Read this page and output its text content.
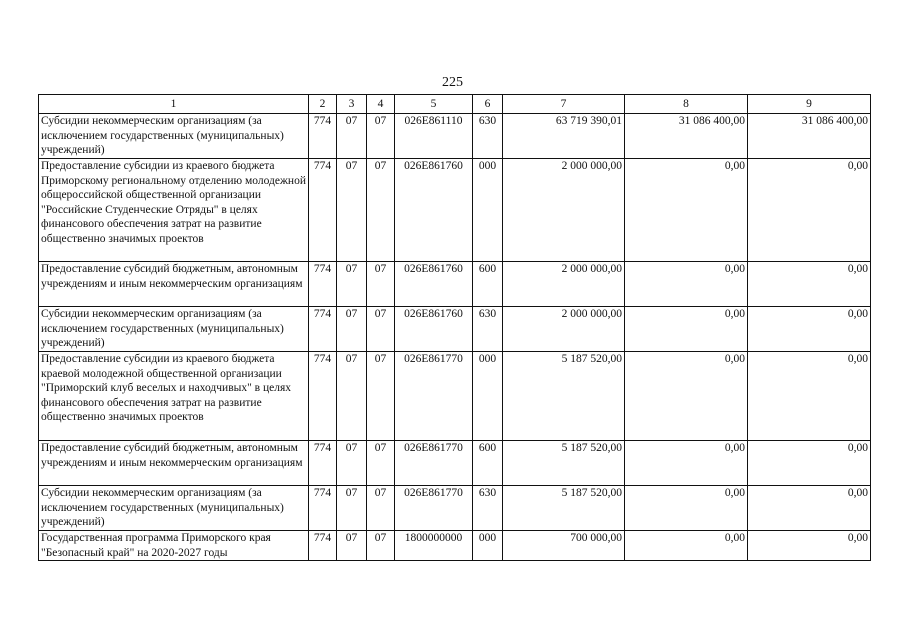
225
1	2	3	4	5	6	7	8	9
Субсидии некоммерческим организациям (за исключением государственных (муниципальных) учреждений)	774	07	07	026E861110	630	63 719 390,01	31 086 400,00	31 086 400,00
Предоставление субсидии из краевого бюджета Приморскому региональному отделению молодежной общероссийской общественной организации "Российские Студенческие Отряды" в целях финансового обеспечения затрат на развитие общественно значимых проектов	774	07	07	026E861760	000	2 000 000,00	0,00	0,00
Предоставление субсидий бюджетным, автономным учреждениям и иным некоммерческим организациям	774	07	07	026E861760	600	2 000 000,00	0,00	0,00
Субсидии некоммерческим организациям (за исключением государственных (муниципальных) учреждений)	774	07	07	026E861760	630	2 000 000,00	0,00	0,00
Предоставление субсидии из краевого бюджета краевой молодежной общественной организации "Приморский клуб веселых и находчивых" в целях финансового обеспечения затрат на развитие общественно значимых проектов	774	07	07	026E861770	000	5 187 520,00	0,00	0,00
Предоставление субсидий бюджетным, автономным учреждениям и иным некоммерческим организациям	774	07	07	026E861770	600	5 187 520,00	0,00	0,00
Субсидии некоммерческим организациям (за исключением государственных (муниципальных) учреждений)	774	07	07	026E861770	630	5 187 520,00	0,00	0,00
Государственная программа Приморского края "Безопасный край" на 2020-2027 годы	774	07	07	1800000000	000	700 000,00	0,00	0,00
